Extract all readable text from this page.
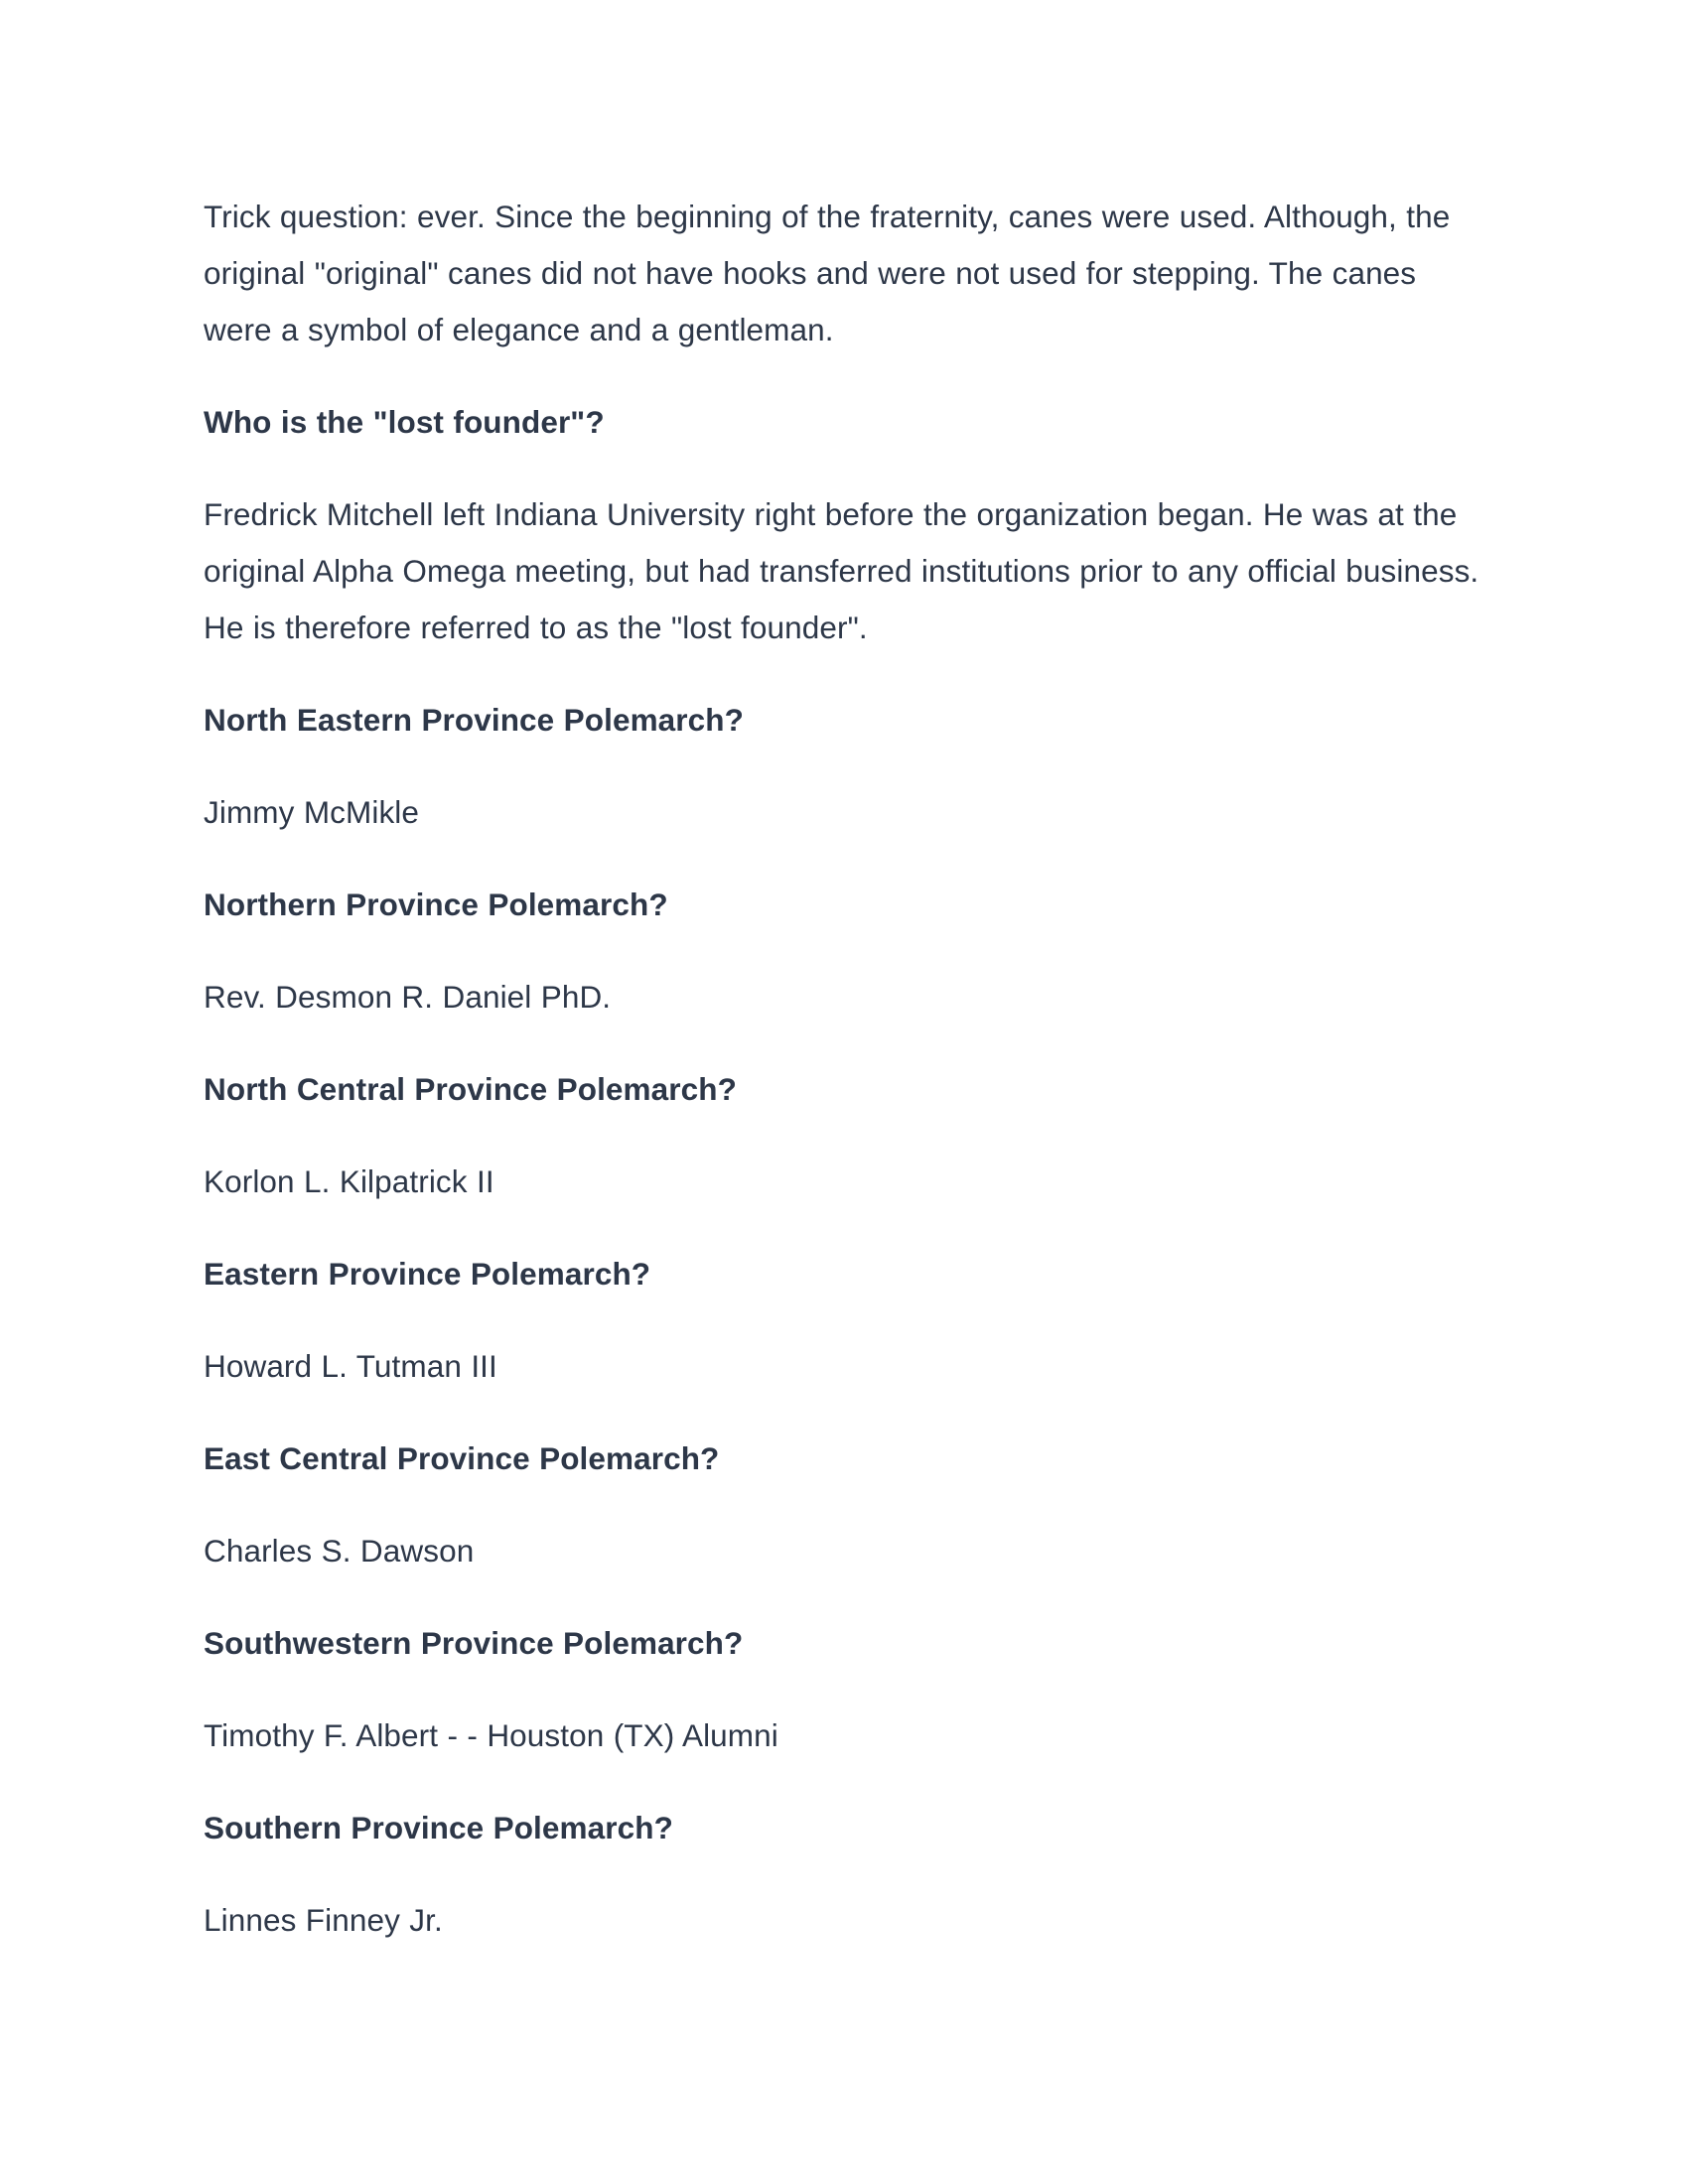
Trick question: ever. Since the beginning of the fraternity, canes were used. Although, the original "original" canes did not have hooks and were not used for stepping. The canes were a symbol of elegance and a gentleman.

Who is the "lost founder"?

Fredrick Mitchell left Indiana University right before the organization began. He was at the original Alpha Omega meeting, but had transferred institutions prior to any official business. He is therefore referred to as the "lost founder".

North Eastern Province Polemarch?

Jimmy McMikle

Northern Province Polemarch?

Rev. Desmon R. Daniel PhD.

North Central Province Polemarch?

Korlon L. Kilpatrick II

Eastern Province Polemarch?

Howard L. Tutman III

East Central Province Polemarch?

Charles S. Dawson

Southwestern Province Polemarch?

Timothy F. Albert - - Houston (TX) Alumni

Southern Province Polemarch?

Linnes Finney Jr.
